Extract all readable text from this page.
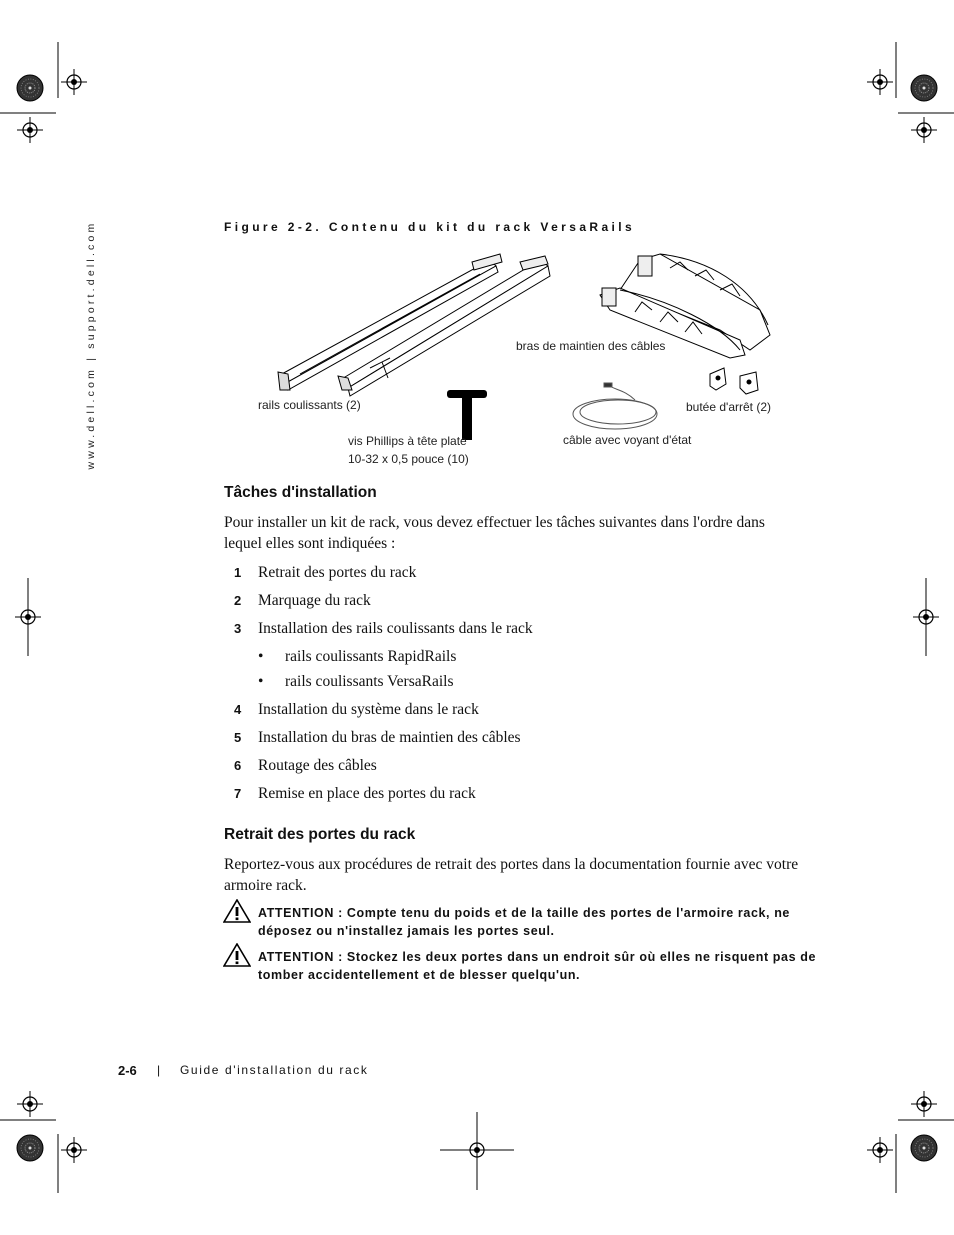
www.dell.com | support.dell.com	Figure 2-2. Contenu du kit du rack VersaRails
bras de maintien des câbles
rails coulissants (2)	butée d'arrêt (2)
vis Phillips à tête plate
10-32 x 0,5 pouce (10)
câble avec voyant d'état
Tâches d'installation

Pour installer un kit de rack, vous devez effectuer les tâches suivantes dans l'ordre dans lequel elles sont indiquées :

1 Retrait des portes du rack
2 Marquage du rack
3 Installation des rails coulissants dans le rack
• rails coulissants RapidRails
• rails coulissants VersaRails
4 Installation du système dans le rack
5 Installation du bras de maintien des câbles
6 Routage des câbles
7 Remise en place des portes du rack
Retrait des portes du rack

Reportez-vous aux procédures de retrait des portes dans la documentation fournie avec votre armoire rack.

ATTENTION : Compte tenu du poids et de la taille des portes de l'armoire rack, ne déposez ou n'installez jamais les portes seul.

ATTENTION : Stockez les deux portes dans un endroit sûr où elles ne risquent pas de tomber accidentellement et de blesser quelqu'un.

2-6 | Guide d'installation du rack
